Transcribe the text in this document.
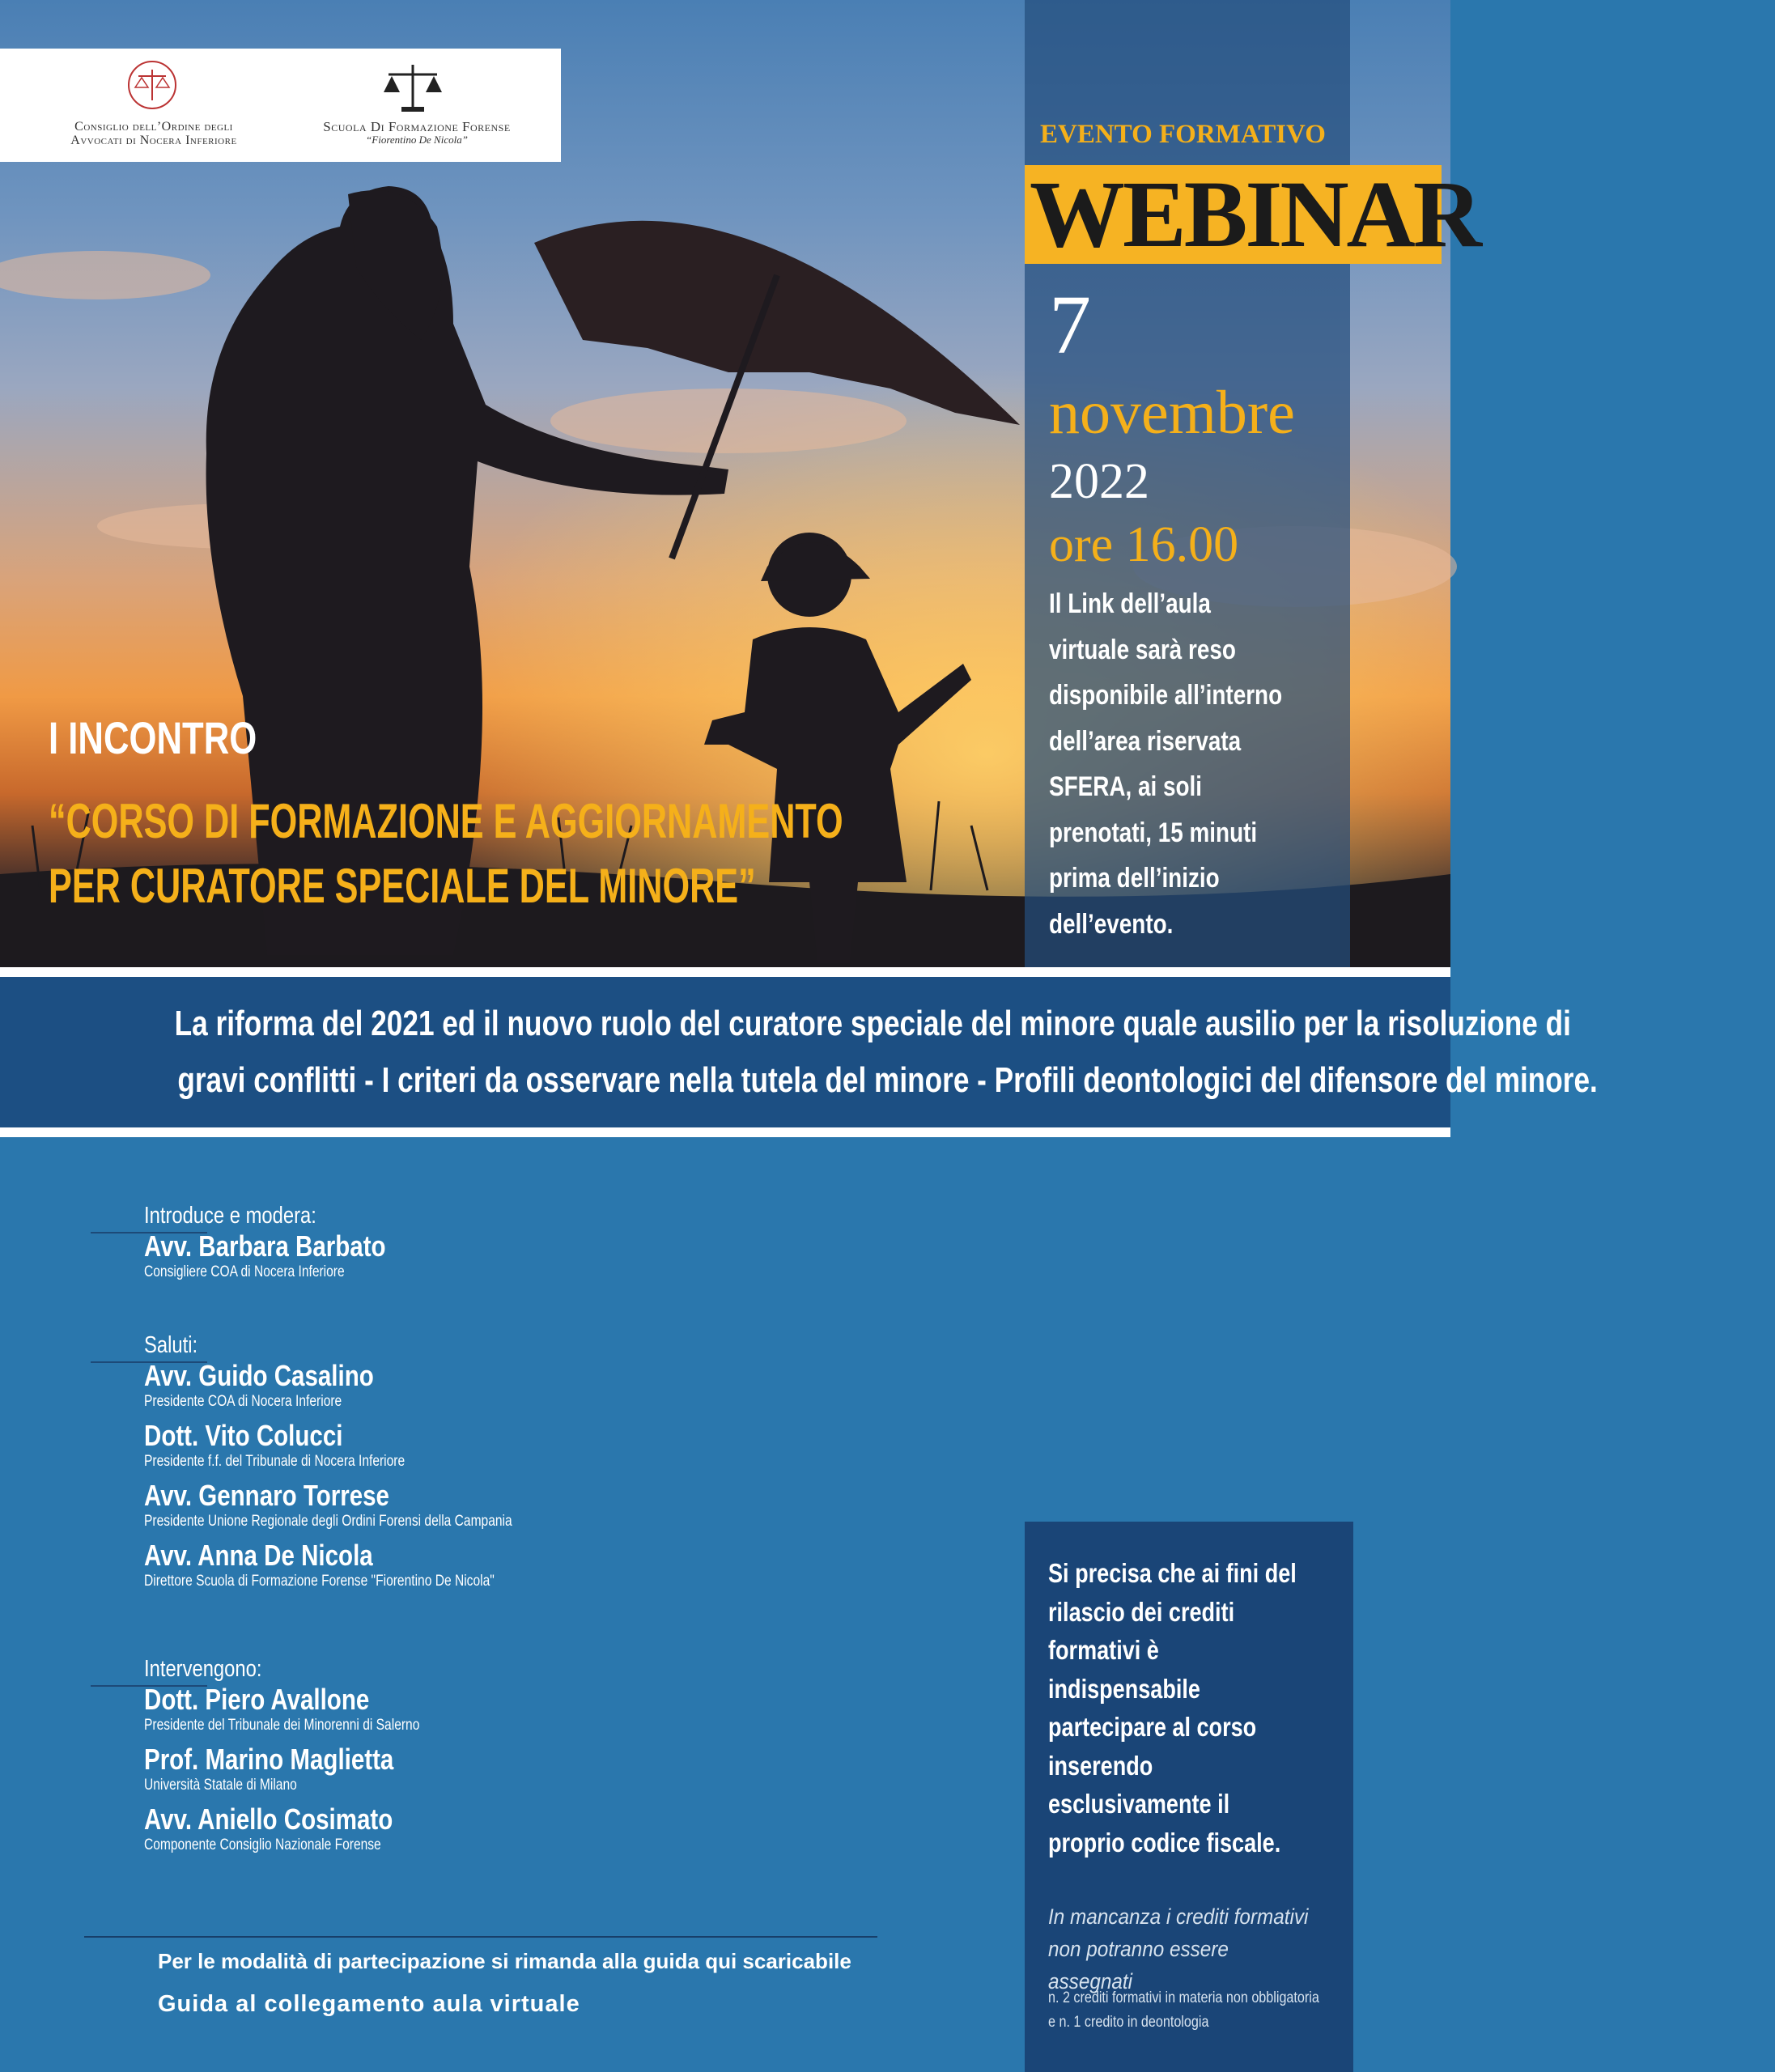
Consiglio dell’Ordine degli
Avvocati di Nocera Inferiore
Scuola Di Formazione Forense
“Fiorentino De Nicola”	EVENTO FORMATIVO
WEBINAR
7
novembre
2022
ore 16.00
Il Link dell’aula
virtuale sarà reso
disponibile all’interno
dell’area riservata
SFERA, ai soli
prenotati, 15 minuti
prima dell’inizio
dell’evento.
I INCONTRO
“CORSO DI FORMAZIONE E AGGIORNAMENTO
PER CURATORE SPECIALE DEL MINORE”
La riforma del 2021 ed il nuovo ruolo del curatore speciale del minore quale ausilio per la risoluzione di
gravi conflitti - I criteri da osservare nella tutela del minore - Profili deontologici del difensore del minore.
Introduce e modera:
Avv. Barbara Barbato
Consigliere COA di Nocera Inferiore
Saluti:
Avv. Guido Casalino
Presidente COA di Nocera Inferiore
Dott. Vito Colucci
Presidente f.f. del Tribunale di Nocera Inferiore
Avv. Gennaro Torrese
Presidente Unione Regionale degli Ordini Forensi della Campania
Avv. Anna De Nicola
Direttore Scuola di Formazione Forense "Fiorentino De Nicola"
Intervengono:
Dott. Piero Avallone
Presidente del Tribunale dei Minorenni di Salerno
Prof. Marino Maglietta
Università Statale di Milano
Avv. Aniello Cosimato
Componente Consiglio Nazionale Forense
Per le modalità di partecipazione si rimanda alla guida qui scaricabile
Guida al collegamento aula virtuale
Si precisa che ai fini del
rilascio dei crediti
formativi è
indispensabile
partecipare al corso
inserendo
esclusivamente il
proprio codice fiscale.
In mancanza i crediti formativi
non potranno essere assegnati
n. 2 crediti formativi in materia non obbligatoria
e n. 1 credito in deontologia
